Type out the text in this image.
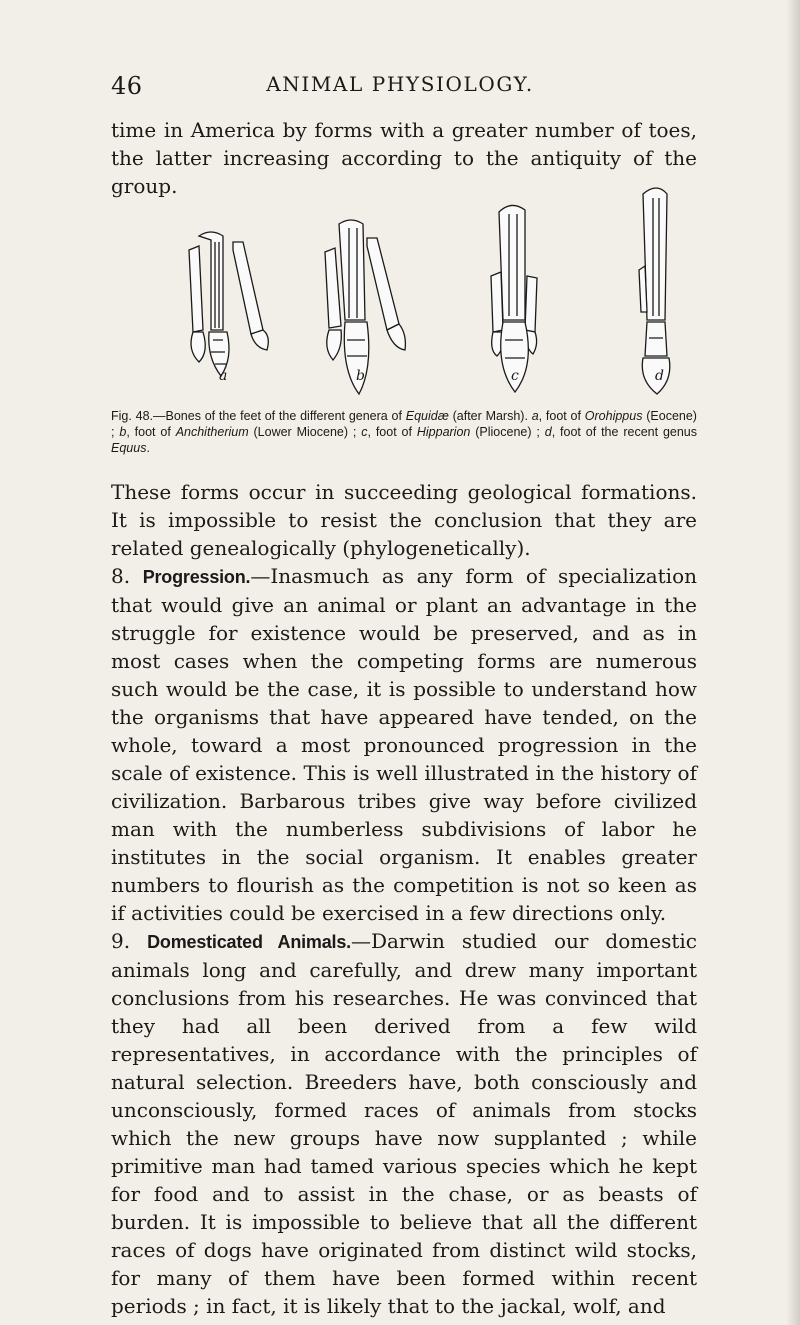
46	ANIMAL PHYSIOLOGY.

time in America by forms with a greater number of toes, the latter increasing according to the antiquity of the group.

a	b	c	d
Fig. 48.—Bones of the feet of the different genera of Equidæ (after Marsh). a, foot of Orohippus (Eocene) ; b, foot of Anchitherium (Lower Miocene) ; c, foot of Hipparion (Pliocene) ; d, foot of the recent genus Equus.

These forms occur in succeeding geological formations. It is impossible to resist the conclusion that they are related genealogically (phylogenetically).

8. Progression.—Inasmuch as any form of specialization that would give an animal or plant an advantage in the struggle for existence would be preserved, and as in most cases when the competing forms are numerous such would be the case, it is possible to understand how the organisms that have appeared have tended, on the whole, toward a most pronounced progression in the scale of existence. This is well illustrated in the history of civilization. Barbarous tribes give way before civilized man with the numberless subdivisions of labor he institutes in the social organism. It enables greater numbers to flourish as the competition is not so keen as if activities could be exercised in a few directions only.

9. Domesticated Animals.—Darwin studied our domestic animals long and carefully, and drew many important conclusions from his researches. He was convinced that they had all been derived from a few wild representatives, in accordance with the principles of natural selection. Breeders have, both consciously and unconsciously, formed races of animals from stocks which the new groups have now supplanted ; while primitive man had tamed various species which he kept for food and to assist in the chase, or as beasts of burden. It is impossible to believe that all the different races of dogs have originated from distinct wild stocks, for many of them have been formed within recent periods ; in fact, it is likely that to the jackal, wolf, and
